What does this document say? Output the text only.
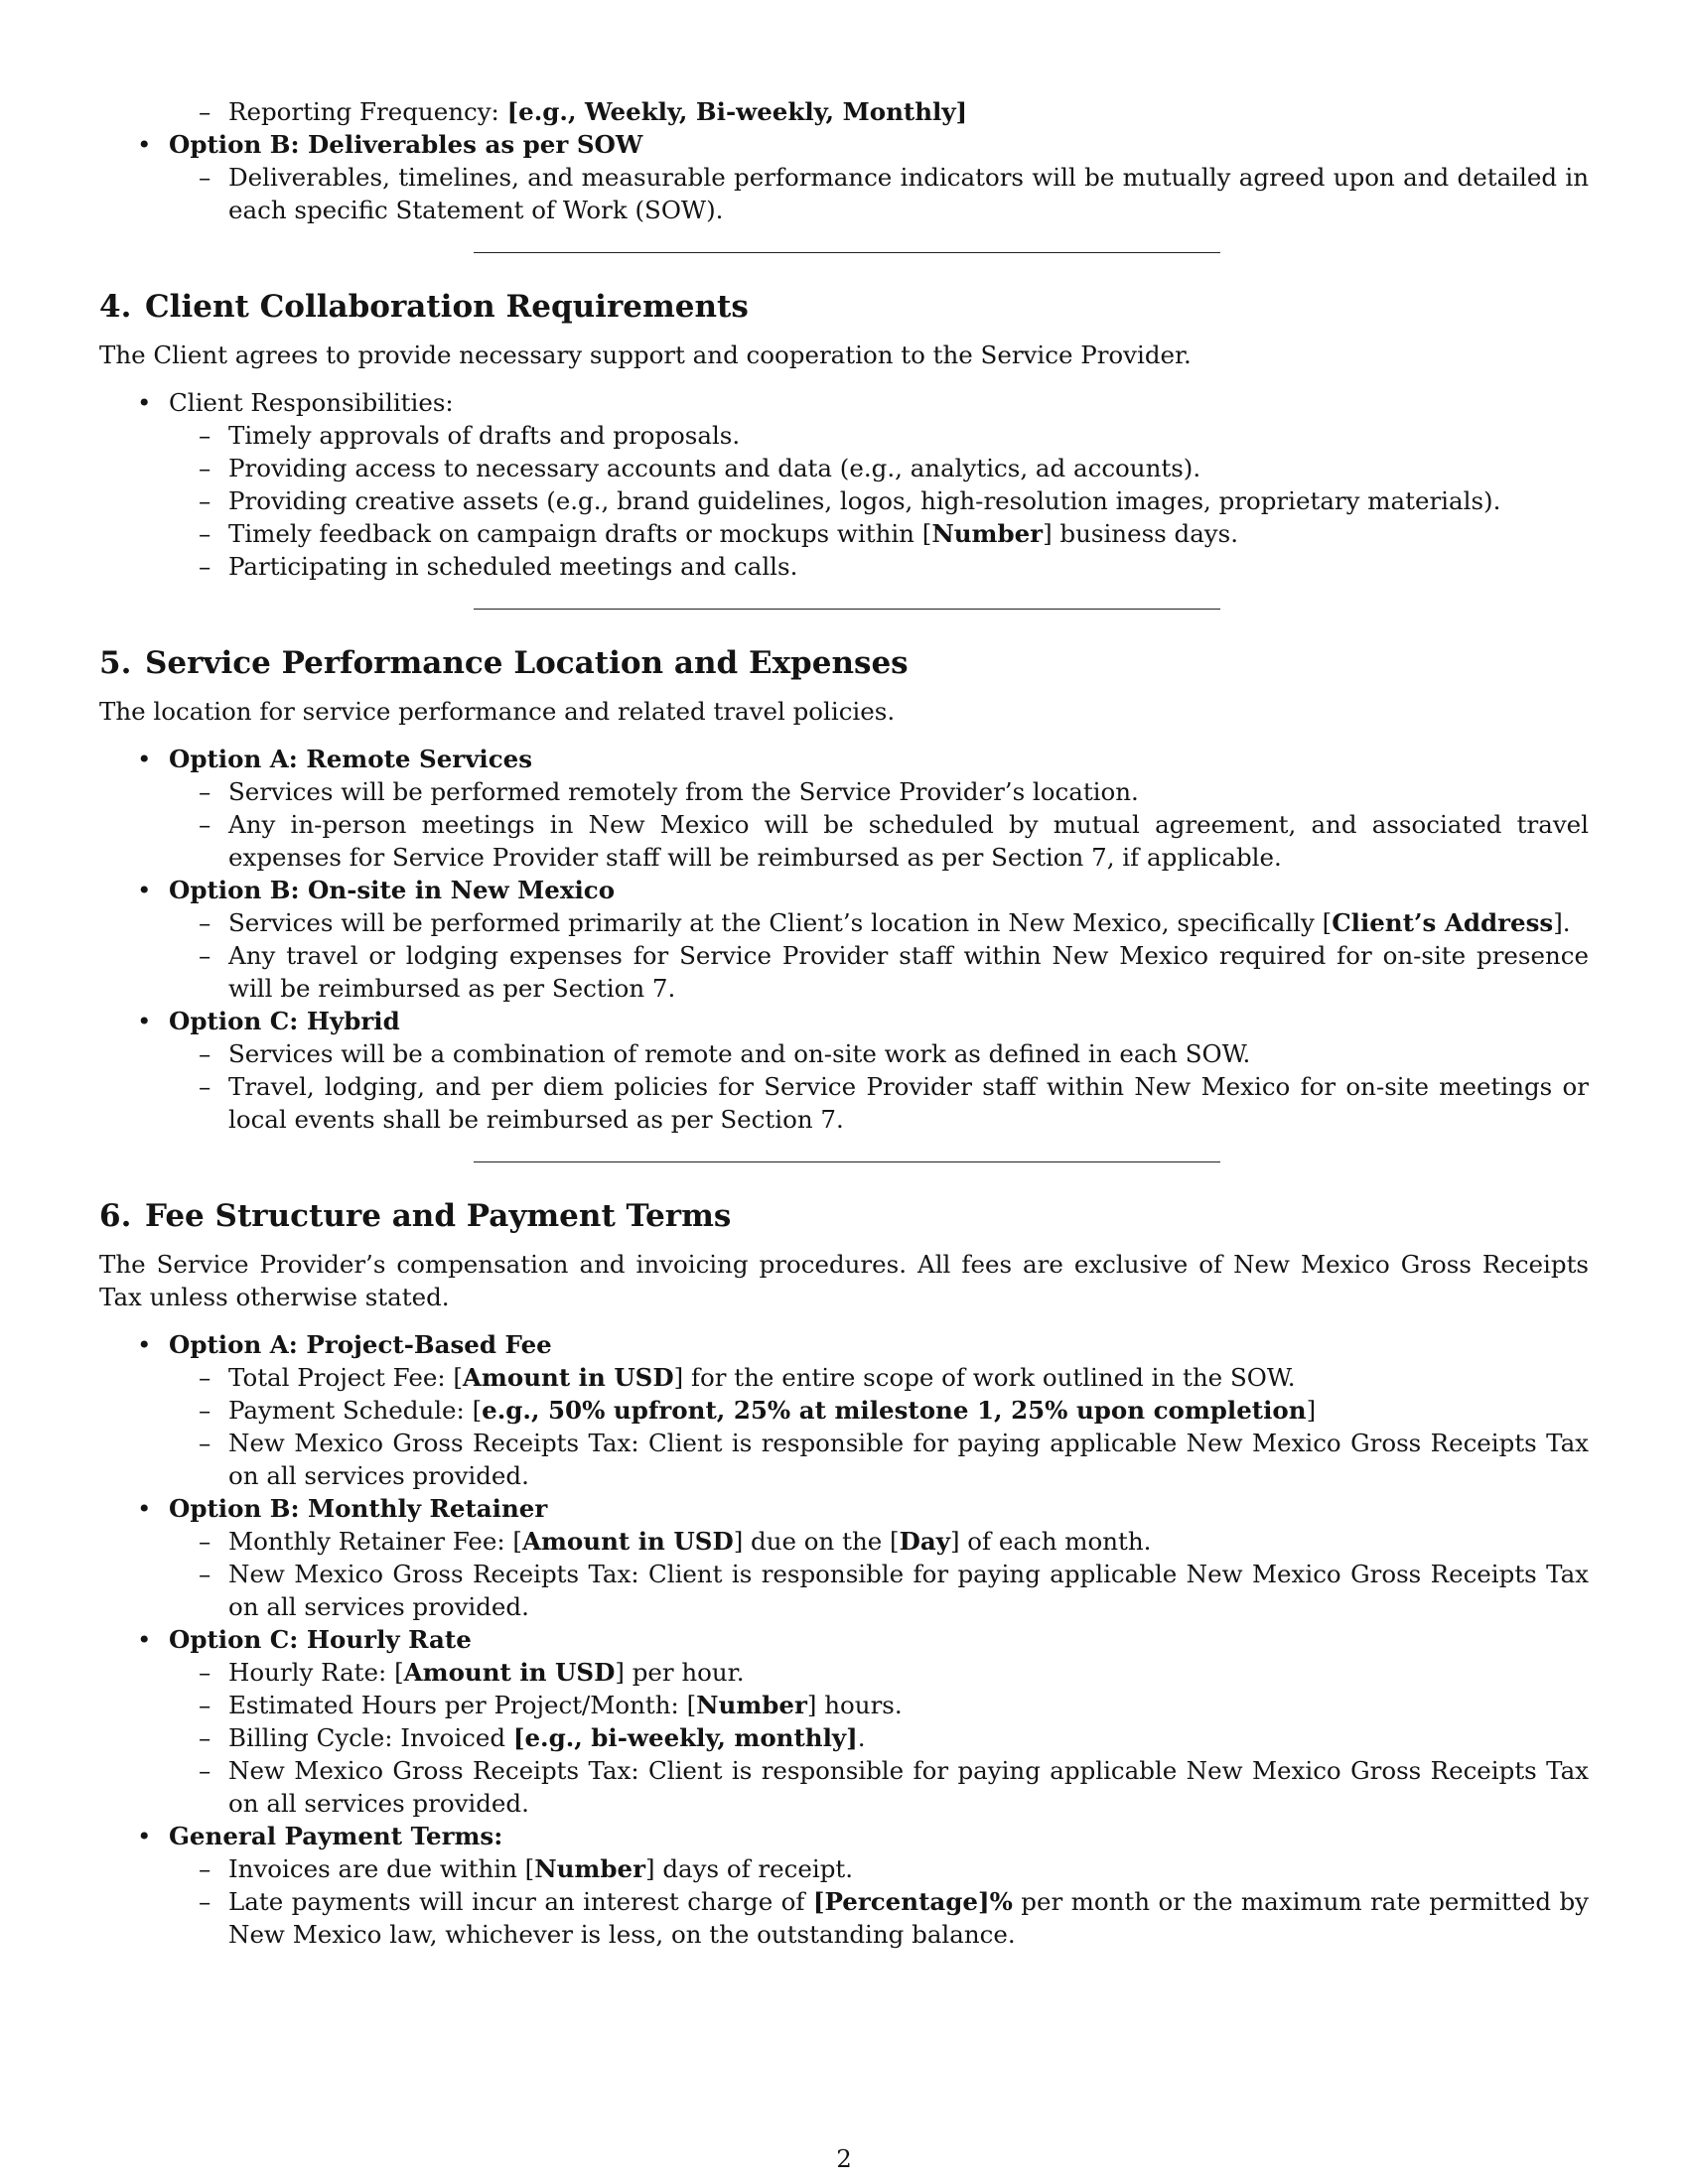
– Reporting Frequency: [e.g., Weekly, Bi-weekly, Monthly]
• Option B: Deliverables as per SOW
– Deliverables, timelines, and measurable performance indicators will be mutually agreed upon and detailed in each specific Statement of Work (SOW).
4. Client Collaboration Requirements

The Client agrees to provide necessary support and cooperation to the Service Provider.

• Client Responsibilities:
– Timely approvals of drafts and proposals.
– Providing access to necessary accounts and data (e.g., analytics, ad accounts).
– Providing creative assets (e.g., brand guidelines, logos, high-resolution images, proprietary materials).
– Timely feedback on campaign drafts or mockups within [Number] business days.
– Participating in scheduled meetings and calls.
5. Service Performance Location and Expenses

The location for service performance and related travel policies.

• Option A: Remote Services
– Services will be performed remotely from the Service Provider’s location.
– Any in-person meetings in New Mexico will be scheduled by mutual agreement, and associated travel expenses for Service Provider staff will be reimbursed as per Section 7, if applicable.
• Option B: On-site in New Mexico
– Services will be performed primarily at the Client’s location in New Mexico, specifically [Client’s Address].
– Any travel or lodging expenses for Service Provider staff within New Mexico required for on-site presence will be reimbursed as per Section 7.
• Option C: Hybrid
– Services will be a combination of remote and on-site work as defined in each SOW.
– Travel, lodging, and per diem policies for Service Provider staff within New Mexico for on-site meetings or local events shall be reimbursed as per Section 7.
6. Fee Structure and Payment Terms

The Service Provider’s compensation and invoicing procedures. All fees are exclusive of New Mexico Gross Receipts Tax unless otherwise stated.

• Option A: Project-Based Fee
– Total Project Fee: [Amount in USD] for the entire scope of work outlined in the SOW.
– Payment Schedule: [e.g., 50% upfront, 25% at milestone 1, 25% upon completion]
– New Mexico Gross Receipts Tax: Client is responsible for paying applicable New Mexico Gross Receipts Tax on all services provided.
• Option B: Monthly Retainer
– Monthly Retainer Fee: [Amount in USD] due on the [Day] of each month.
– New Mexico Gross Receipts Tax: Client is responsible for paying applicable New Mexico Gross Receipts Tax on all services provided.
• Option C: Hourly Rate
– Hourly Rate: [Amount in USD] per hour.
– Estimated Hours per Project/Month: [Number] hours.
– Billing Cycle: Invoiced [e.g., bi-weekly, monthly].
– New Mexico Gross Receipts Tax: Client is responsible for paying applicable New Mexico Gross Receipts Tax on all services provided.
• General Payment Terms:
– Invoices are due within [Number] days of receipt.
– Late payments will incur an interest charge of [Percentage]% per month or the maximum rate permitted by New Mexico law, whichever is less, on the outstanding balance.
2
